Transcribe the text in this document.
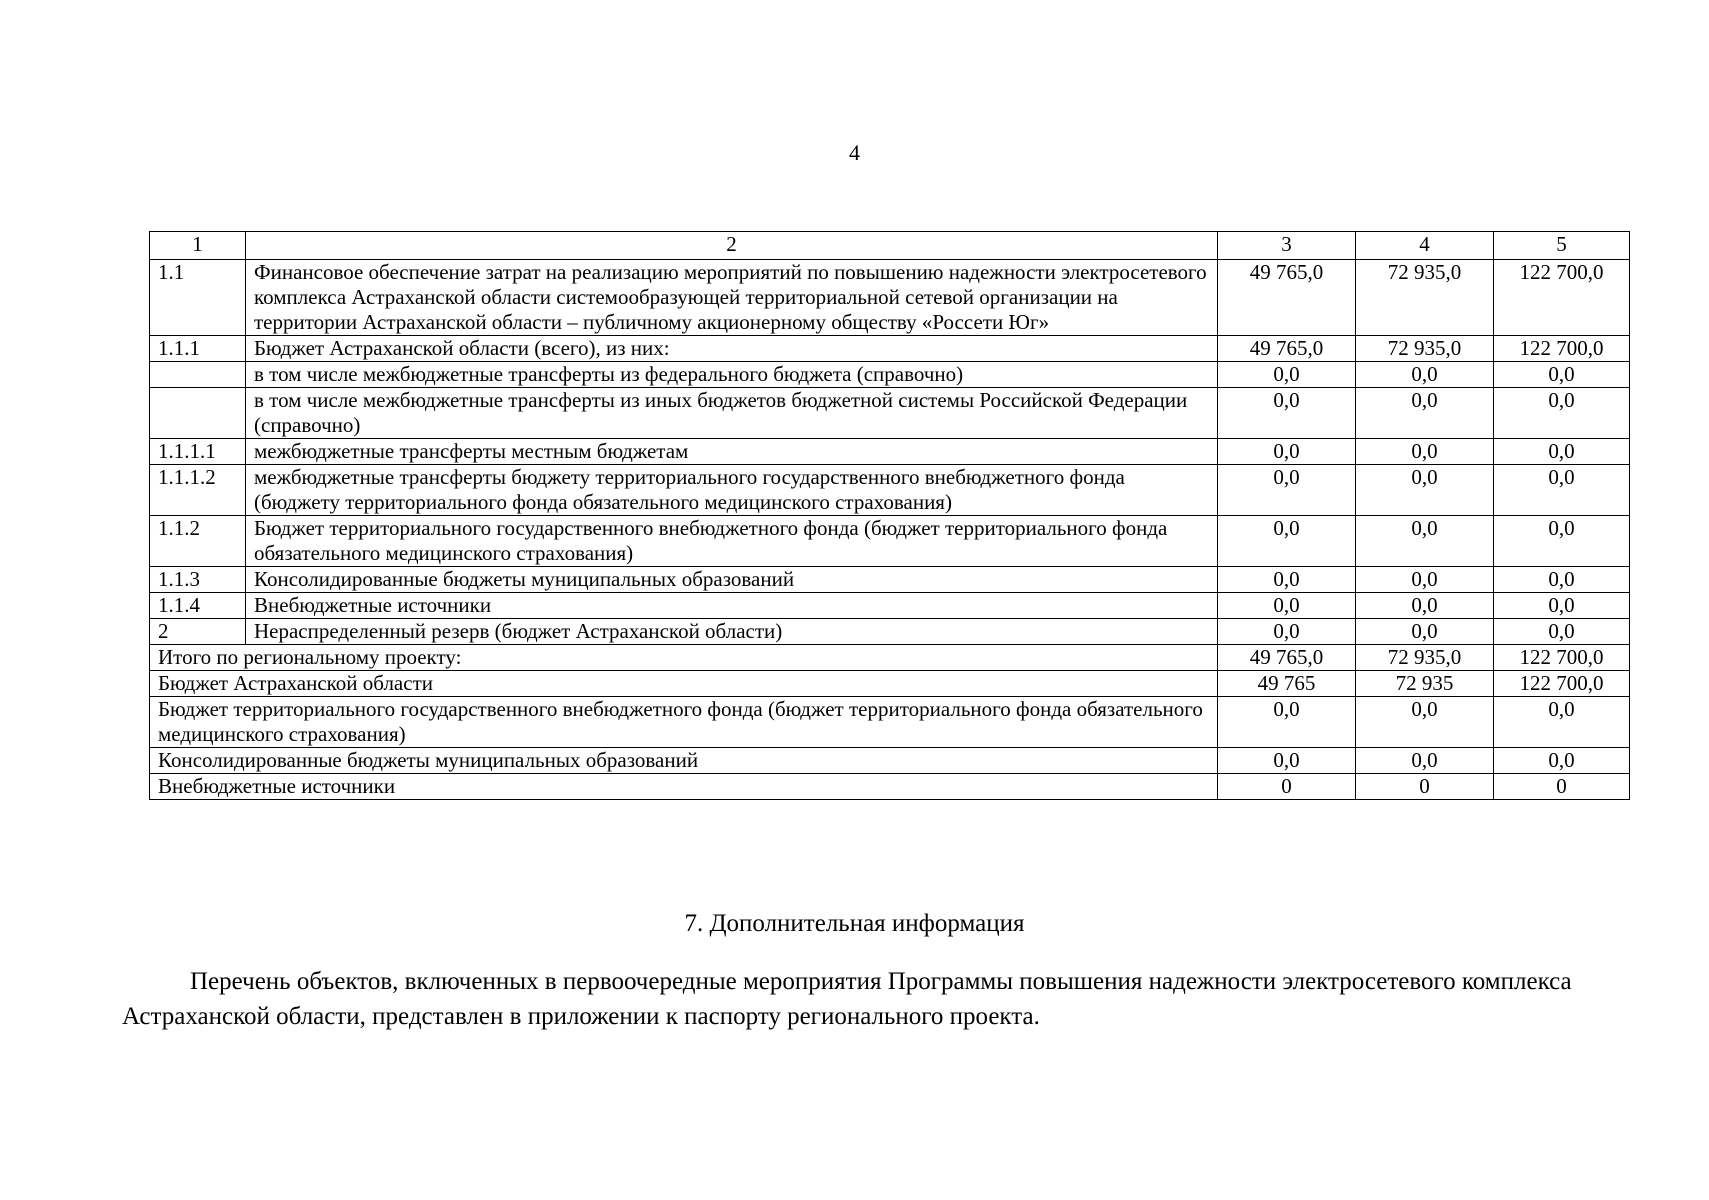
4
1	2	3	4	5
1.1	Финансовое обеспечение затрат на реализацию мероприятий по повышению надежности электросетевого комплекса Астраханской области системообразующей территориальной сетевой организации на территории Астраханской области – публичному акционерному обществу «Россети Юг»	49 765,0	72 935,0	122 700,0
1.1.1	Бюджет Астраханской области (всего), из них:	49 765,0	72 935,0	122 700,0
	в том числе межбюджетные трансферты из федерального бюджета (справочно)	0,0	0,0	0,0
	в том числе межбюджетные трансферты из иных бюджетов бюджетной системы Российской Федерации (справочно)	0,0	0,0	0,0
1.1.1.1	межбюджетные трансферты местным бюджетам	0,0	0,0	0,0
1.1.1.2	межбюджетные трансферты бюджету территориального государственного внебюджетного фонда (бюджету территориального фонда обязательного медицинского страхования)	0,0	0,0	0,0
1.1.2	Бюджет территориального государственного внебюджетного фонда (бюджет территориального фонда обязательного медицинского страхования)	0,0	0,0	0,0
1.1.3	Консолидированные бюджеты муниципальных образований	0,0	0,0	0,0
1.1.4	Внебюджетные источники	0,0	0,0	0,0
2	Нераспределенный резерв (бюджет Астраханской области)	0,0	0,0	0,0
Итого по региональному проекту:		49 765,0	72 935,0	122 700,0
Бюджет Астраханской области		49 765	72 935	122 700,0
Бюджет территориального государственного внебюджетного фонда (бюджет территориального фонда обязательного медицинского страхования)		0,0	0,0	0,0
Консолидированные бюджеты муниципальных образований		0,0	0,0	0,0
Внебюджетные источники		0	0	0
7. Дополнительная информация
Перечень объектов, включенных в первоочередные мероприятия Программы повышения надежности электросетевого комплекса Астраханской области, представлен в приложении к паспорту регионального проекта.
